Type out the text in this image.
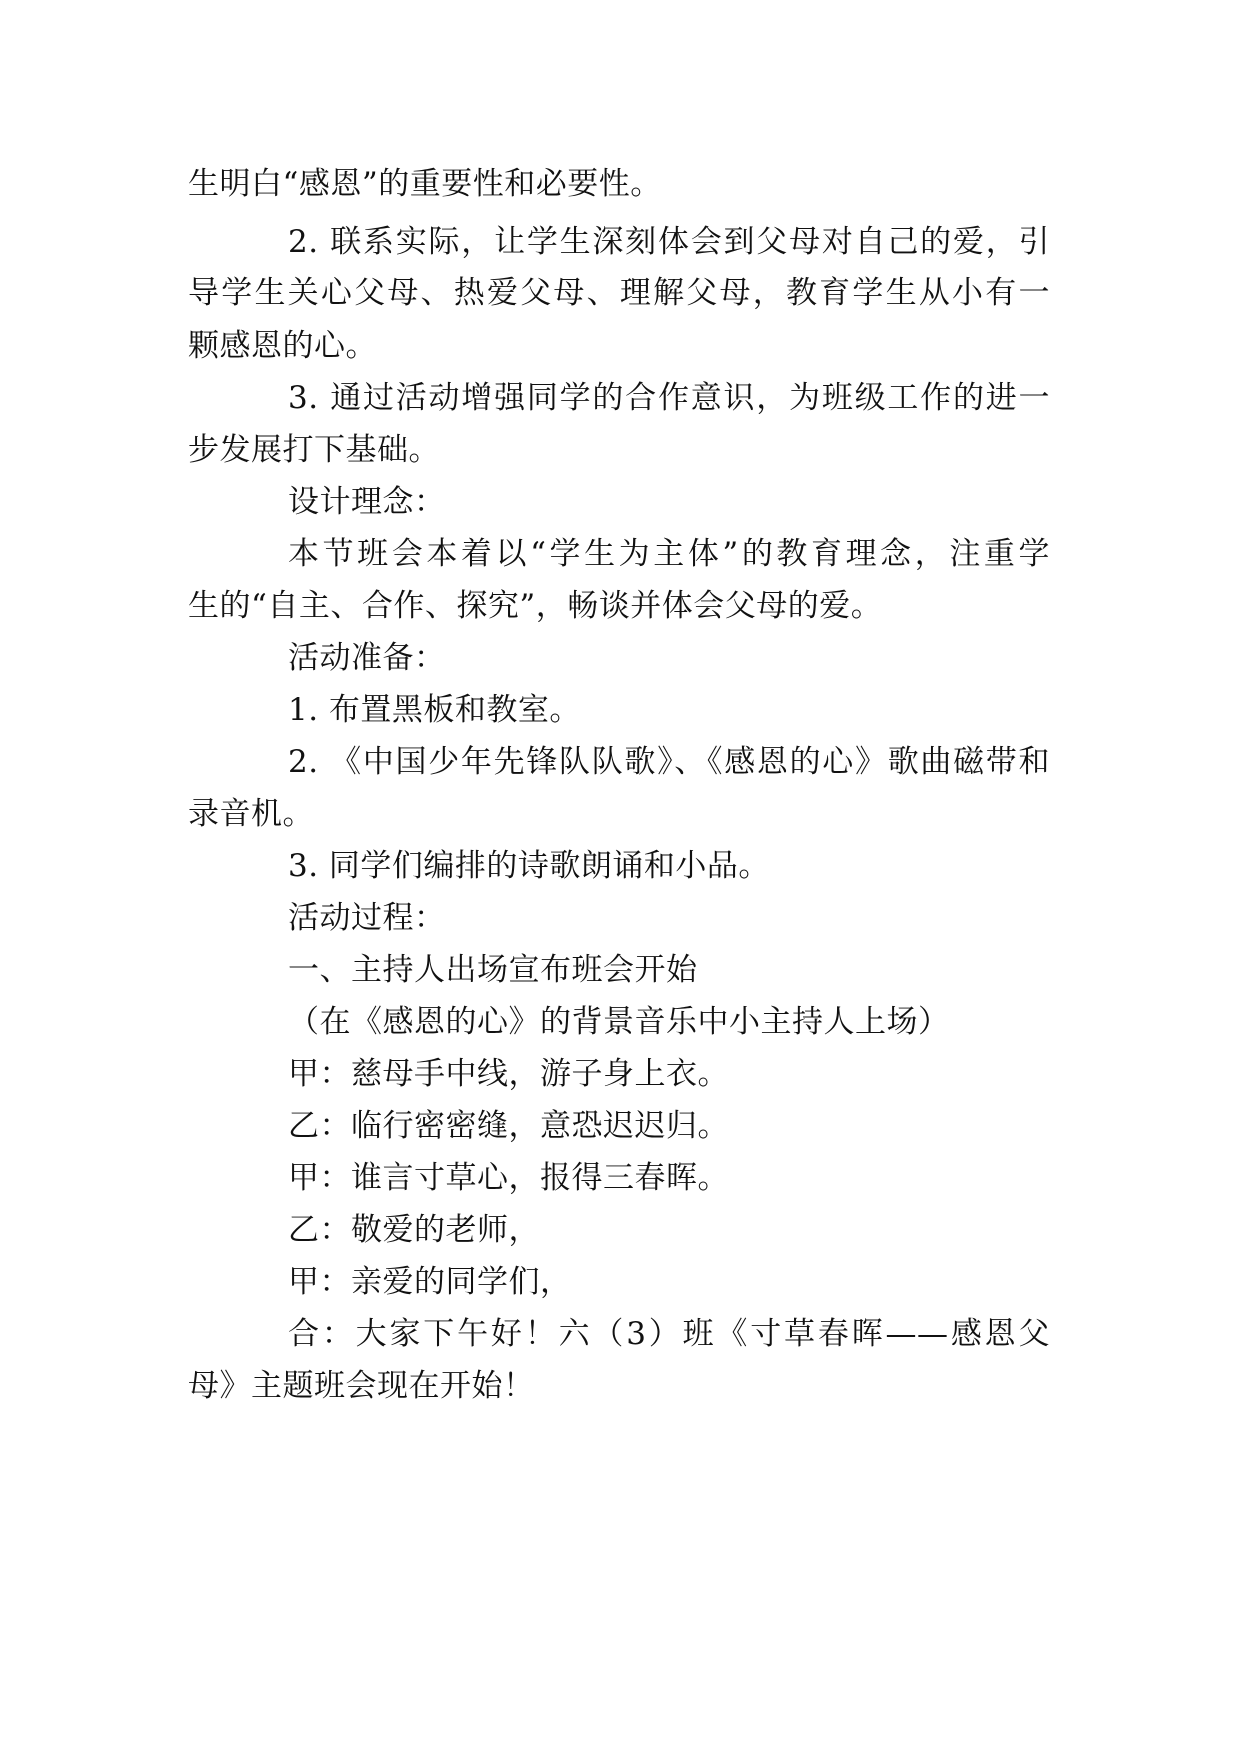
生明白“感恩”的重要性和必要性。
2. 联系实际，让学生深刻体会到父母对自己的爱，引
导学生关心父母、热爱父母、理解父母，教育学生从小有一
颗感恩的心。
3. 通过活动增强同学的合作意识，为班级工作的进一
步发展打下基础。
设计理念：
本节班会本着以“学生为主体”的教育理念，注重学
生的“自主、合作、探究”，畅谈并体会父母的爱。
活动准备：
1. 布置黑板和教室。
2. 《中国少年先锋队队歌》、《感恩的心》歌曲磁带和
录音机。
3. 同学们编排的诗歌朗诵和小品。
活动过程：
一、主持人出场宣布班会开始
（在《感恩的心》的背景音乐中小主持人上场）
甲：慈母手中线，游子身上衣。
乙：临行密密缝，意恐迟迟归。
甲：谁言寸草心，报得三春晖。
乙：敬爱的老师，
甲：亲爱的同学们，
合：大家下午好！六（3）班《寸草春晖——感恩父
母》主题班会现在开始！
